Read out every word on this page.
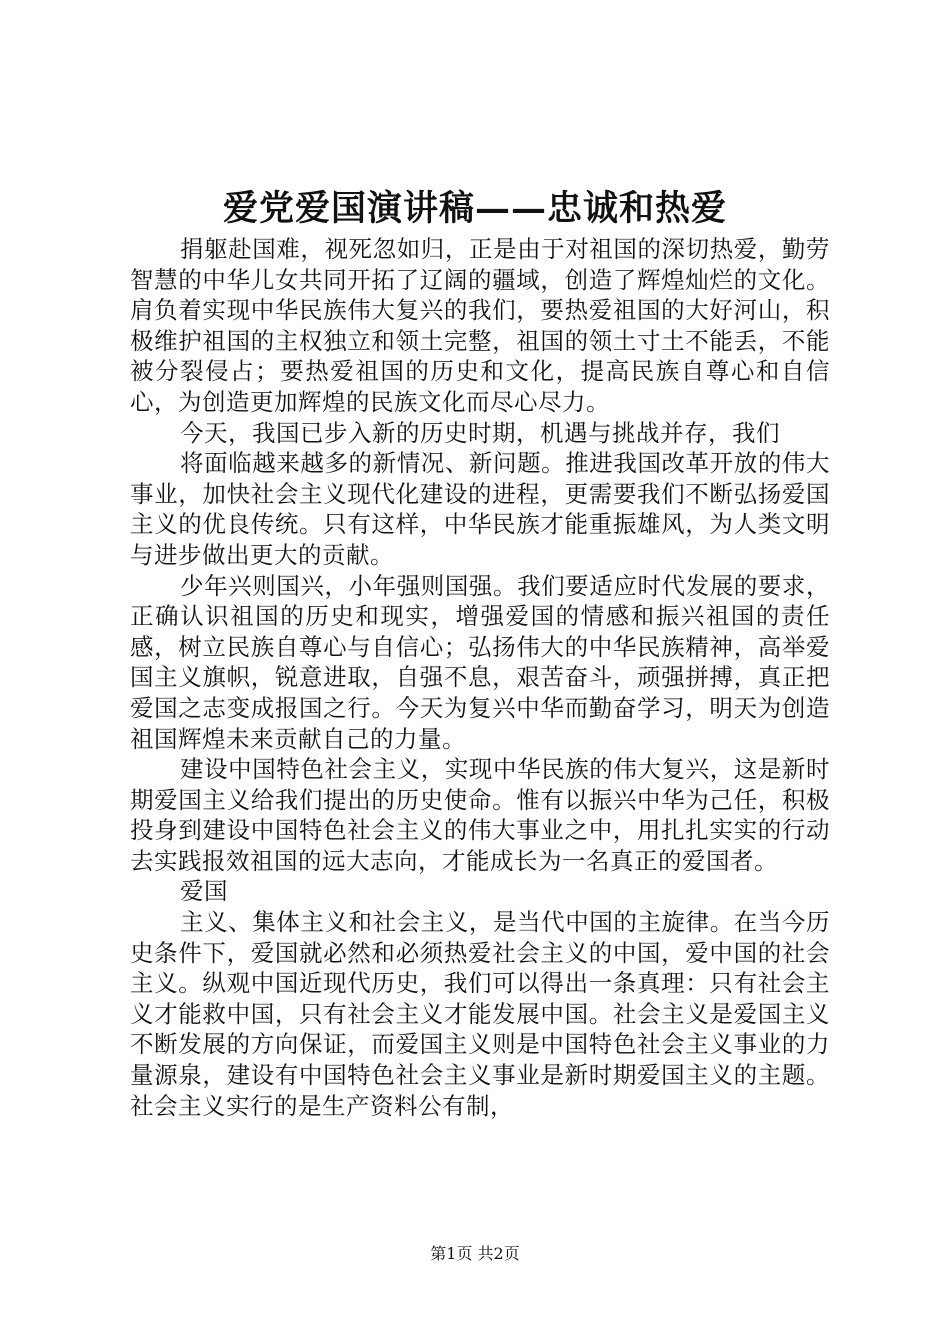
爱党爱国演讲稿——忠诚和热爱

捐躯赴国难，视死忽如归，正是由于对祖国的深切热爱，勤劳智慧的中华儿女共同开拓了辽阔的疆域，创造了辉煌灿烂的文化。肩负着实现中华民族伟大复兴的我们，要热爱祖国的大好河山，积极维护祖国的主权独立和领土完整，祖国的领土寸土不能丢，不能被分裂侵占；要热爱祖国的历史和文化，提高民族自尊心和自信心，为创造更加辉煌的民族文化而尽心尽力。

今天，我国已步入新的历史时期，机遇与挑战并存，我们

将面临越来越多的新情况、新问题。推进我国改革开放的伟大事业，加快社会主义现代化建设的进程，更需要我们不断弘扬爱国主义的优良传统。只有这样，中华民族才能重振雄风，为人类文明与进步做出更大的贡献。

少年兴则国兴，小年强则国强。我们要适应时代发展的要求，正确认识祖国的历史和现实，增强爱国的情感和振兴祖国的责任感，树立民族自尊心与自信心；弘扬伟大的中华民族精神，高举爱国主义旗帜，锐意进取，自强不息，艰苦奋斗，顽强拼搏，真正把爱国之志变成报国之行。今天为复兴中华而勤奋学习，明天为创造祖国辉煌未来贡献自己的力量。

建设中国特色社会主义，实现中华民族的伟大复兴，这是新时期爱国主义给我们提出的历史使命。惟有以振兴中华为己任，积极投身到建设中国特色社会主义的伟大事业之中，用扎扎实实的行动去实践报效祖国的远大志向，才能成长为一名真正的爱国者。

爱国

主义、集体主义和社会主义，是当代中国的主旋律。在当今历史条件下，爱国就必然和必须热爱社会主义的中国，爱中国的社会主义。纵观中国近现代历史，我们可以得出一条真理：只有社会主义才能救中国，只有社会主义才能发展中国。社会主义是爱国主义不断发展的方向保证，而爱国主义则是中国特色社会主义事业的力量源泉，建设有中国特色社会主义事业是新时期爱国主义的主题。社会主义实行的是生产资料公有制，

第1页 共2页
